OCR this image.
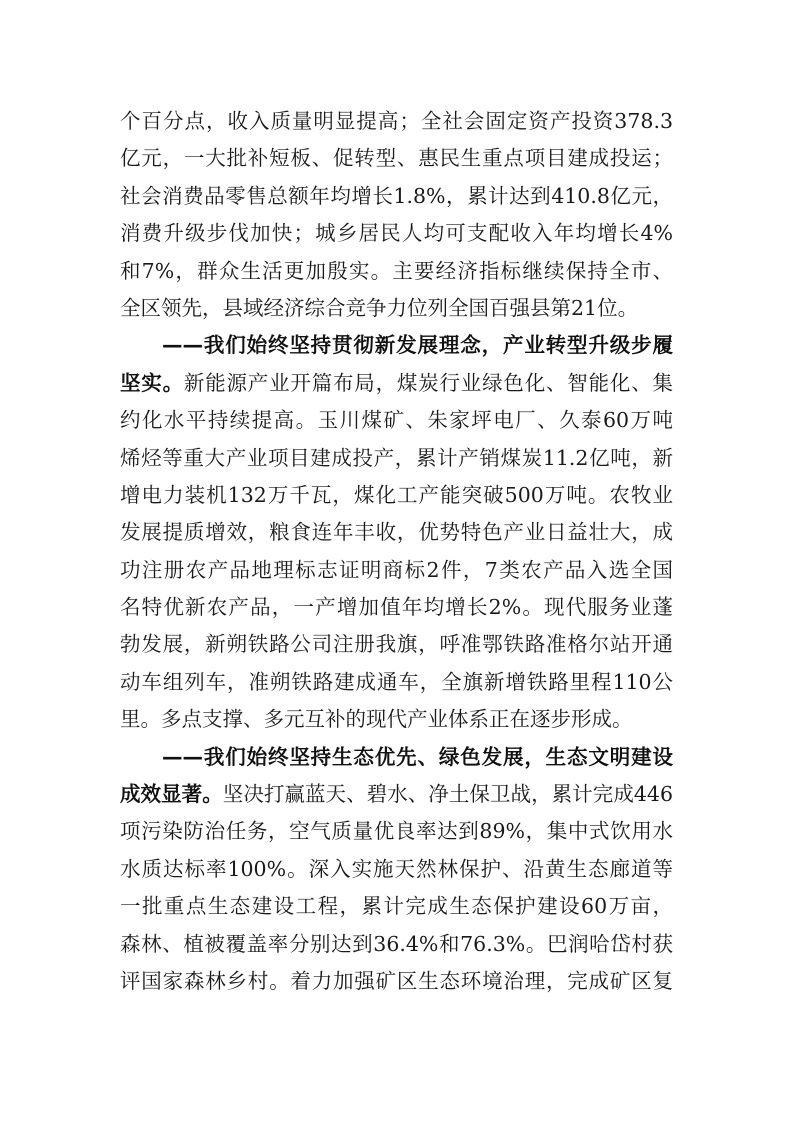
个百分点，收入质量明显提高；全社会固定资产投资378.3
亿元，一大批补短板、促转型、惠民生重点项目建成投运；
社会消费品零售总额年均增长1.8%，累计达到410.8亿元，
消费升级步伐加快；城乡居民人均可支配收入年均增长4%
和7%，群众生活更加殷实。主要经济指标继续保持全市、
全区领先，县域经济综合竞争力位列全国百强县第21位。
——我们始终坚持贯彻新发展理念，产业转型升级步履
坚实。新能源产业开篇布局，煤炭行业绿色化、智能化、集
约化水平持续提高。玉川煤矿、朱家坪电厂、久泰60万吨
烯烃等重大产业项目建成投产，累计产销煤炭11.2亿吨，新
增电力装机132万千瓦，煤化工产能突破500万吨。农牧业
发展提质增效，粮食连年丰收，优势特色产业日益壮大，成
功注册农产品地理标志证明商标2件，7类农产品入选全国
名特优新农产品，一产增加值年均增长2%。现代服务业蓬
勃发展，新朔铁路公司注册我旗，呼准鄂铁路准格尔站开通
动车组列车，准朔铁路建成通车，全旗新增铁路里程110公
里。多点支撑、多元互补的现代产业体系正在逐步形成。
——我们始终坚持生态优先、绿色发展，生态文明建设
成效显著。坚决打赢蓝天、碧水、净土保卫战，累计完成446
项污染防治任务，空气质量优良率达到89%，集中式饮用水
水质达标率100%。深入实施天然林保护、沿黄生态廊道等
一批重点生态建设工程，累计完成生态保护建设60万亩，
森林、植被覆盖率分别达到36.4%和76.3%。巴润哈岱村获
评国家森林乡村。着力加强矿区生态环境治理，完成矿区复
